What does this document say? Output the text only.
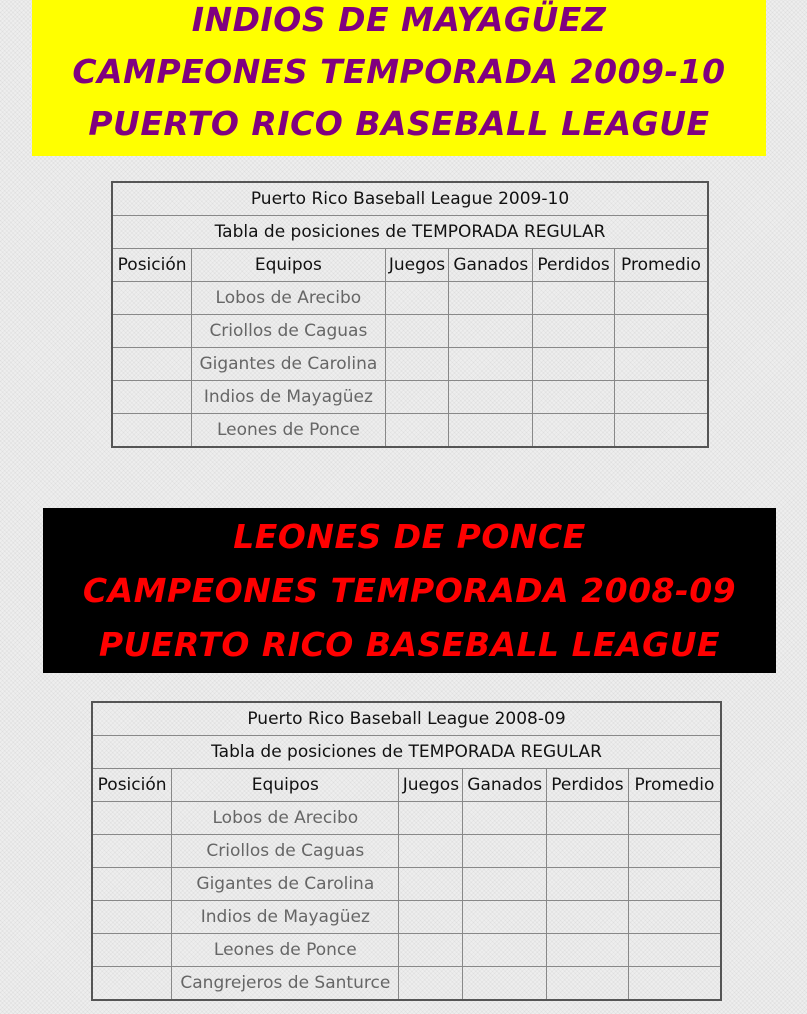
INDIOS DE MAYAGÜEZ
CAMPEONES TEMPORADA 2009-10
PUERTO RICO BASEBALL LEAGUE
Puerto Rico Baseball League 2009-10					
Tabla de posiciones de TEMPORADA REGULAR					
Posición	Equipos	Juegos	Ganados	Perdidos	Promedio
	Lobos de Arecibo				
	Criollos de Caguas				
	Gigantes de Carolina				
	Indios de Mayagüez				
	Leones de Ponce				
LEONES DE PONCE
CAMPEONES TEMPORADA 2008-09
PUERTO RICO BASEBALL LEAGUE
Puerto Rico Baseball League 2008-09					
Tabla de posiciones de TEMPORADA REGULAR					
Posición	Equipos	Juegos	Ganados	Perdidos	Promedio
	Lobos de Arecibo				
	Criollos de Caguas				
	Gigantes de Carolina				
	Indios de Mayagüez				
	Leones de Ponce				
	Cangrejeros de Santurce				
